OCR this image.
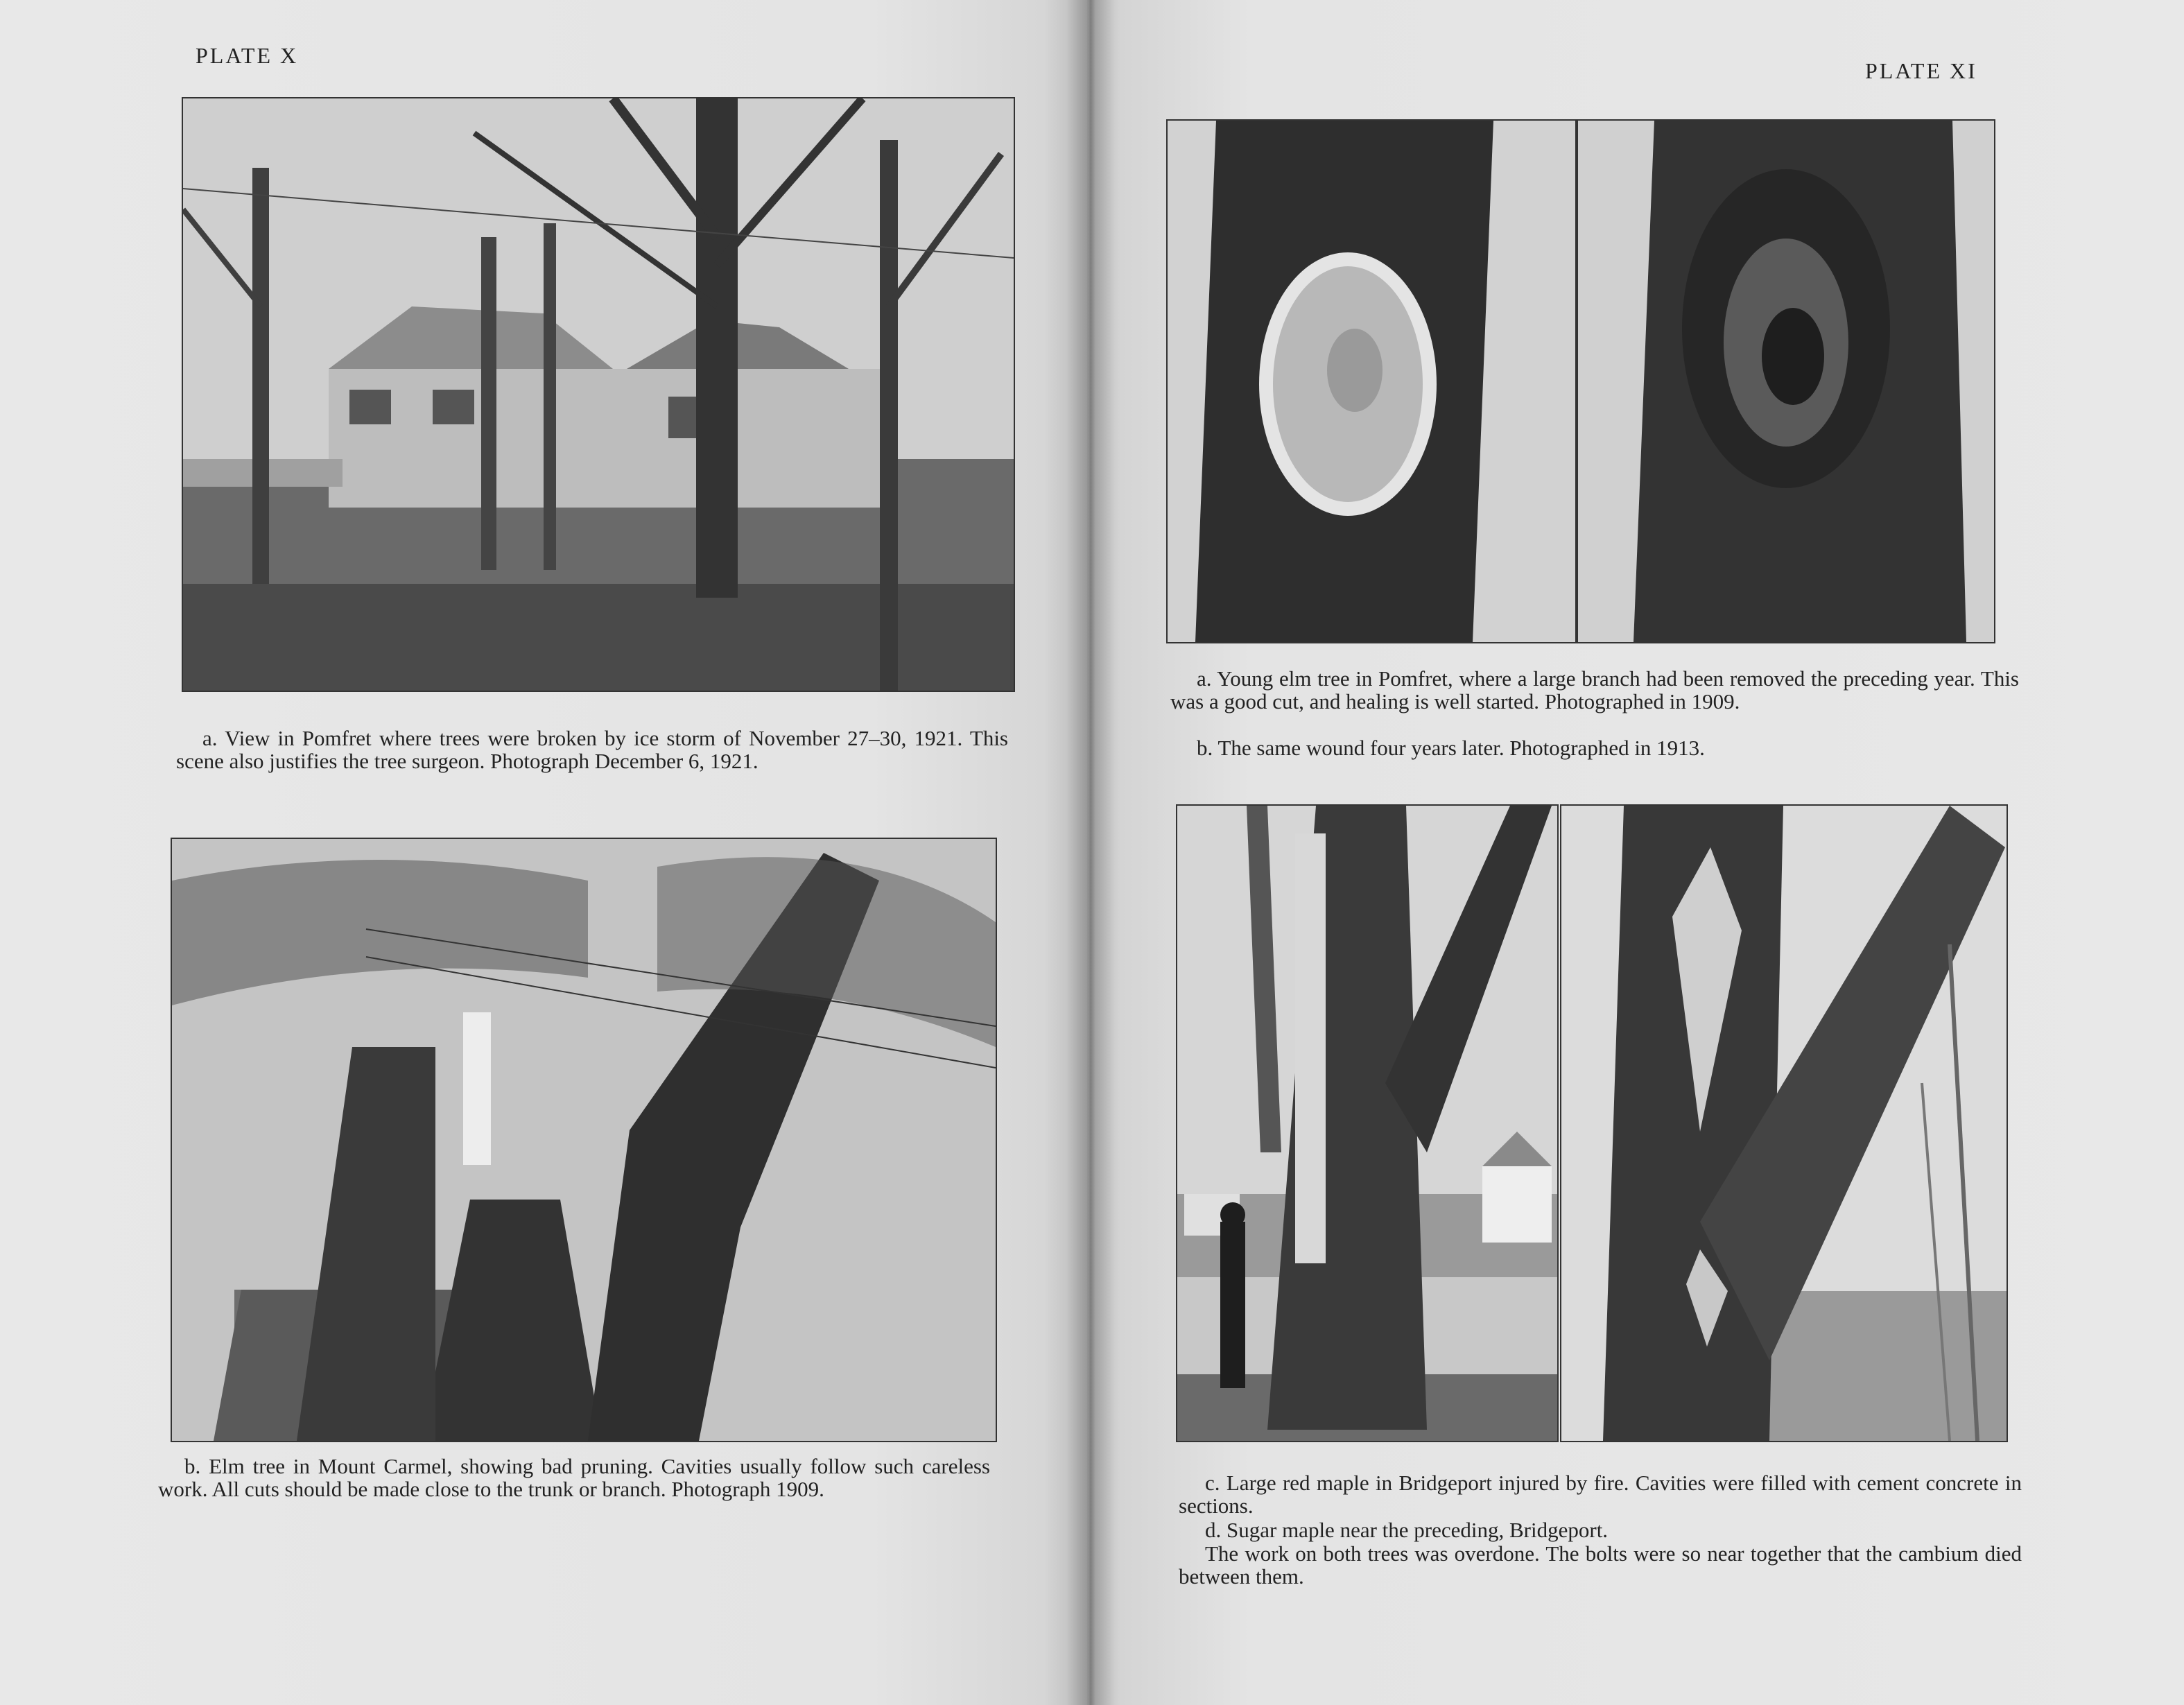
PLATE X

a. View in Pomfret where trees were broken by ice storm of November 27–30, 1921. This scene also justifies the tree surgeon. Photograph December 6, 1921.

b. Elm tree in Mount Carmel, showing bad pruning. Cavities usually follow such careless work. All cuts should be made close to the trunk or branch. Photograph 1909.

PLATE XI

a. Young elm tree in Pomfret, where a large branch had been removed the preceding year. This was a good cut, and healing is well started. Photographed in 1909.

b. The same wound four years later. Photographed in 1913.

c. Large red maple in Bridgeport injured by fire. Cavities were filled with cement concrete in sections.

d. Sugar maple near the preceding, Bridgeport.

The work on both trees was overdone. The bolts were so near together that the cambium died between them.
